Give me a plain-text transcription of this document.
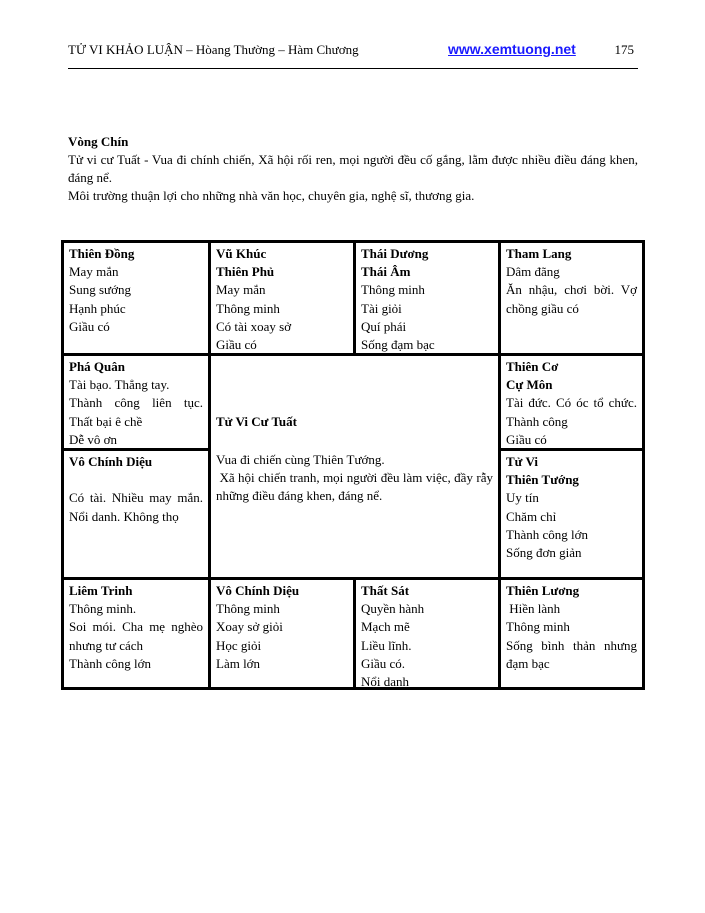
TỬ VI KHẢO LUẬN – Hòang Thường – Hàm Chương	www.xemtuong.net	175

Vòng Chín

Tử vi cư Tuất - Vua đi chính chiến, Xã hội rối ren, mọi người đều cố gắng, lằm được nhiều điều đáng khen, đáng nể.

Môi trường thuận lợi cho những nhà văn học, chuyên gia, nghệ sĩ, thương gia.

Thiên Đồng
May mắn
Sung sướng
Hạnh phúc
Giầu có
Vũ Khúc
Thiên Phủ
May mắn
Thông minh
Có tài xoay sở
Giầu có
Thái Dương
Thái Âm
Thông minh
Tài giỏi
Quí phái
Sống đạm bạc
Tham Lang
Dâm đãng
Ăn nhậu, chơi bời. Vợ chồng giầu có
Phá Quân
Tài bạo. Thẳng tay.
Thành công liên tục.
Thất bại ê chề
Dễ vô ơn
Thiên Cơ
Cự Môn
Tài đức. Có óc tổ chức. Thành công
Giầu có
Vô Chính Diệu

Có tài. Nhiều may mắn. Nổi danh. Không thọ
Tử Vi
Thiên Tướng
Uy tín
Chăm chỉ
Thành công lớn
Sống đơn giản
Tử Vi Cư Tuất
Vua đi chiến cùng Thiên Tướng.
Xã hội chiến tranh, mọi người đều làm việc, đầy rẫy những điều đáng khen, đáng nể.
Liêm Trinh
Thông minh.
Soi mói. Cha mẹ nghèo nhưng tư cách
Thành công lớn
Vô Chính Diệu
Thông minh
Xoay sở giỏi
Học giỏi
Làm lớn
Thất Sát
Quyền hành
Mạch mẽ
Liều lĩnh.
Giầu có.
Nổi danh
Thiên Lương
Hiền lành
Thông minh
Sống bình thản nhưng đạm bạc
